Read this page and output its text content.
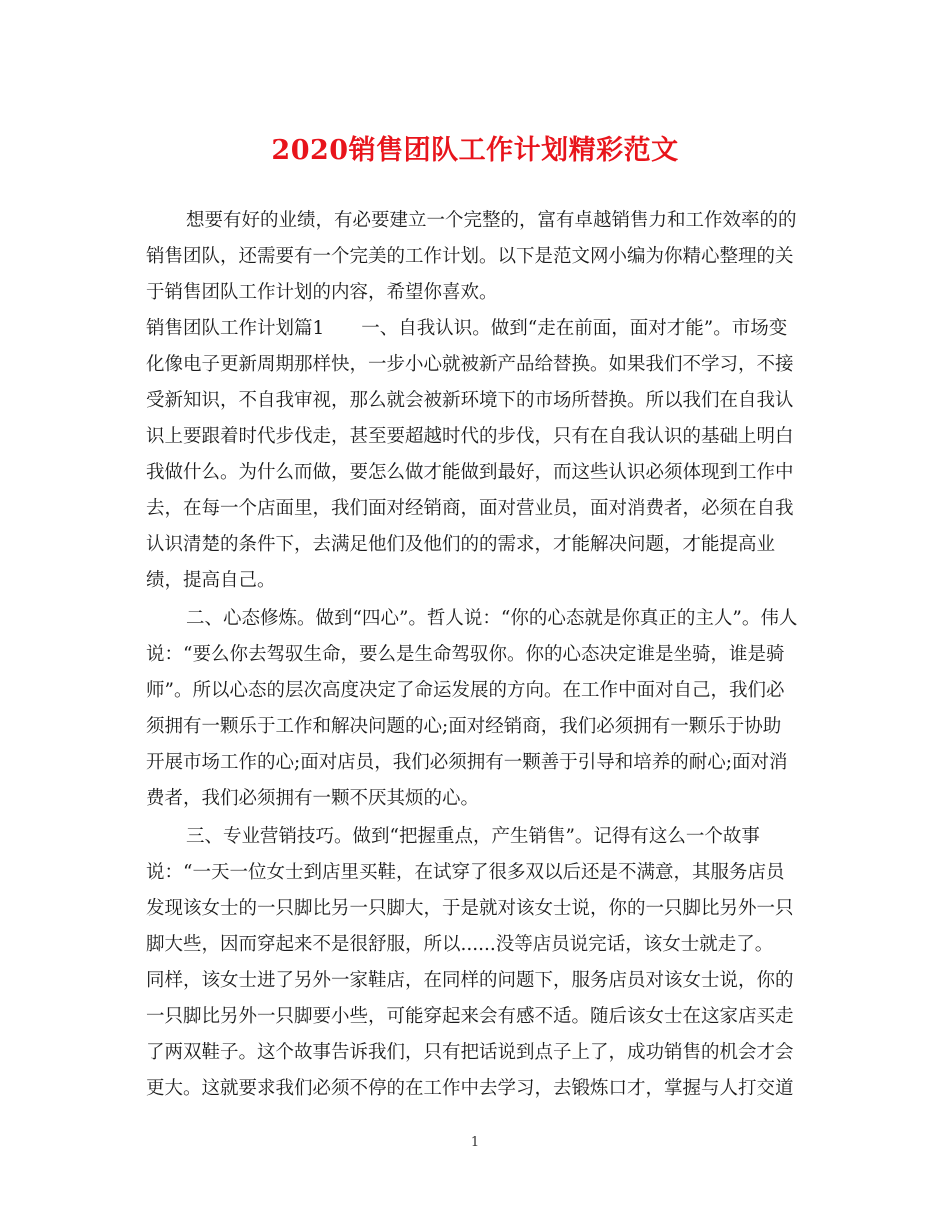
2020销售团队工作计划精彩范文
想要有好的业绩，有必要建立一个完整的，富有卓越销售力和工作效率的的
销售团队，还需要有一个完美的工作计划。以下是范文网小编为你精心整理的关
于销售团队工作计划的内容，希望你喜欢。
销售团队工作计划篇1　　一、自我认识。做到“走在前面，面对才能”。市场变
化像电子更新周期那样快，一步小心就被新产品给替换。如果我们不学习，不接
受新知识，不自我审视，那么就会被新环境下的市场所替换。所以我们在自我认
识上要跟着时代步伐走，甚至要超越时代的步伐，只有在自我认识的基础上明白
我做什么。为什么而做，要怎么做才能做到最好，而这些认识必须体现到工作中
去，在每一个店面里，我们面对经销商，面对营业员，面对消费者，必须在自我
认识清楚的条件下，去满足他们及他们的的需求，才能解决问题，才能提高业
绩，提高自己。
二、心态修炼。做到“四心”。哲人说：“你的心态就是你真正的主人”。伟人
说：“要么你去驾驭生命，要么是生命驾驭你。你的心态决定谁是坐骑，谁是骑
师”。所以心态的层次高度决定了命运发展的方向。在工作中面对自己，我们必
须拥有一颗乐于工作和解决问题的心;面对经销商，我们必须拥有一颗乐于协助
开展市场工作的心;面对店员，我们必须拥有一颗善于引导和培养的耐心;面对消
费者，我们必须拥有一颗不厌其烦的心。
三、专业营销技巧。做到“把握重点，产生销售”。记得有这么一个故事
说：“一天一位女士到店里买鞋，在试穿了很多双以后还是不满意，其服务店员
发现该女士的一只脚比另一只脚大，于是就对该女士说，你的一只脚比另外一只
脚大些，因而穿起来不是很舒服，所以......没等店员说完话，该女士就走了。
同样，该女士进了另外一家鞋店，在同样的问题下，服务店员对该女士说，你的
一只脚比另外一只脚要小些，可能穿起来会有感不适。随后该女士在这家店买走
了两双鞋子。这个故事告诉我们，只有把话说到点子上了，成功销售的机会才会
更大。这就要求我们必须不停的在工作中去学习，去锻炼口才，掌握与人打交道
1
